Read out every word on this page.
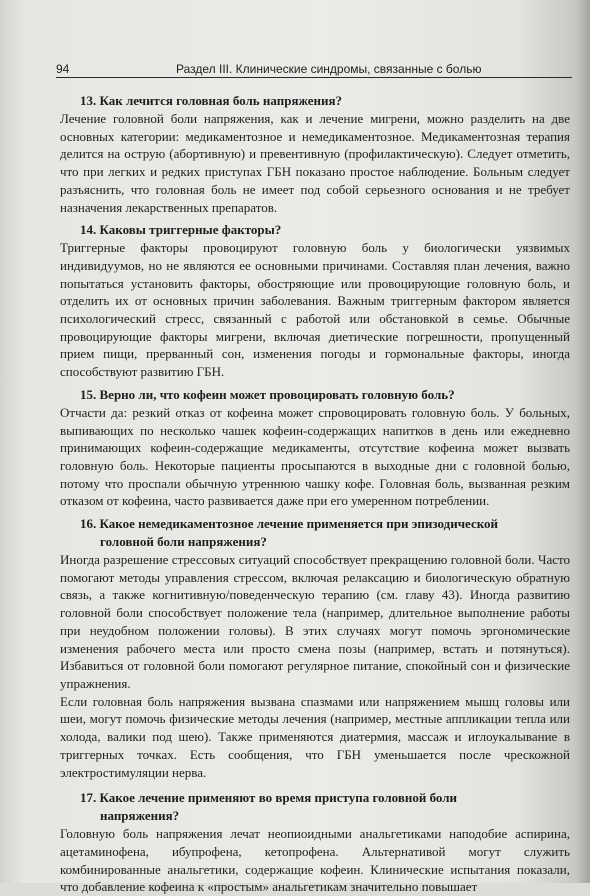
94	Раздел III. Клинические синдромы, связанные с болью
13. Как лечится головная боль напряжения?

Лечение головной боли напряжения, как и лечение мигрени, можно разделить на две основных категории: медикаментозное и немедикаментозное. Медикаментозная терапия делится на острую (абортивную) и превентивную (профилактическую). Следует отметить, что при легких и редких приступах ГБН показано простое наблюдение. Больным следует разъяснить, что головная боль не имеет под собой серьезного основания и не требует назначения лекарственных препаратов.

14. Каковы триггерные факторы?

Триггерные факторы провоцируют головную боль у биологически уязвимых индивидуумов, но не являются ее основными причинами. Составляя план лечения, важно попытаться установить факторы, обостряющие или провоцирующие головную боль, и отделить их от основных причин заболевания. Важным триггерным фактором является психологический стресс, связанный с работой или обстановкой в семье. Обычные провоцирующие факторы мигрени, включая диетические погрешности, пропущенный прием пищи, прерванный сон, изменения погоды и гормональные факторы, иногда способствуют развитию ГБН.

15. Верно ли, что кофеин может провоцировать головную боль?

Отчасти да: резкий отказ от кофеина может спровоцировать головную боль. У больных, выпивающих по несколько чашек кофеин-содержащих напитков в день или ежедневно принимающих кофеин-содержащие медикаменты, отсутствие кофеина может вызвать головную боль. Некоторые пациенты просыпаются в выходные дни с головной болью, потому что проспали обычную утреннюю чашку кофе. Головная боль, вызванная резким отказом от кофеина, часто развивается даже при его умеренном потреблении.

16. Какое немедикаментозное лечение применяется при эпизодической
головной боли напряжения?

Иногда разрешение стрессовых ситуаций способствует прекращению головной боли. Часто помогают методы управления стрессом, включая релаксацию и биологическую обратную связь, а также когнитивную/поведенческую терапию (см. главу 43). Иногда развитию головной боли способствует положение тела (например, длительное выполнение работы при неудобном положении головы). В этих случаях могут помочь эргономические изменения рабочего места или просто смена позы (например, встать и потянуться). Избавиться от головной боли помогают регулярное питание, спокойный сон и физические упражнения.

Если головная боль напряжения вызвана спазмами или напряжением мышц головы или шеи, могут помочь физические методы лечения (например, местные аппликации тепла или холода, валики под шею). Также применяются диатермия, массаж и иглоукалывание в триггерных точках. Есть сообщения, что ГБН уменьшается после чрескожной электростимуляции нерва.

17. Какое лечение применяют во время приступа головной боли
напряжения?

Головную боль напряжения лечат неопиоидными анальгетиками наподобие аспирина, ацетаминофена, ибупрофена, кетопрофена. Альтернативой могут служить комбинированные анальгетики, содержащие кофеин. Клинические испытания показали, что добавление кофеина к «простым» анальгетикам значительно повышает
